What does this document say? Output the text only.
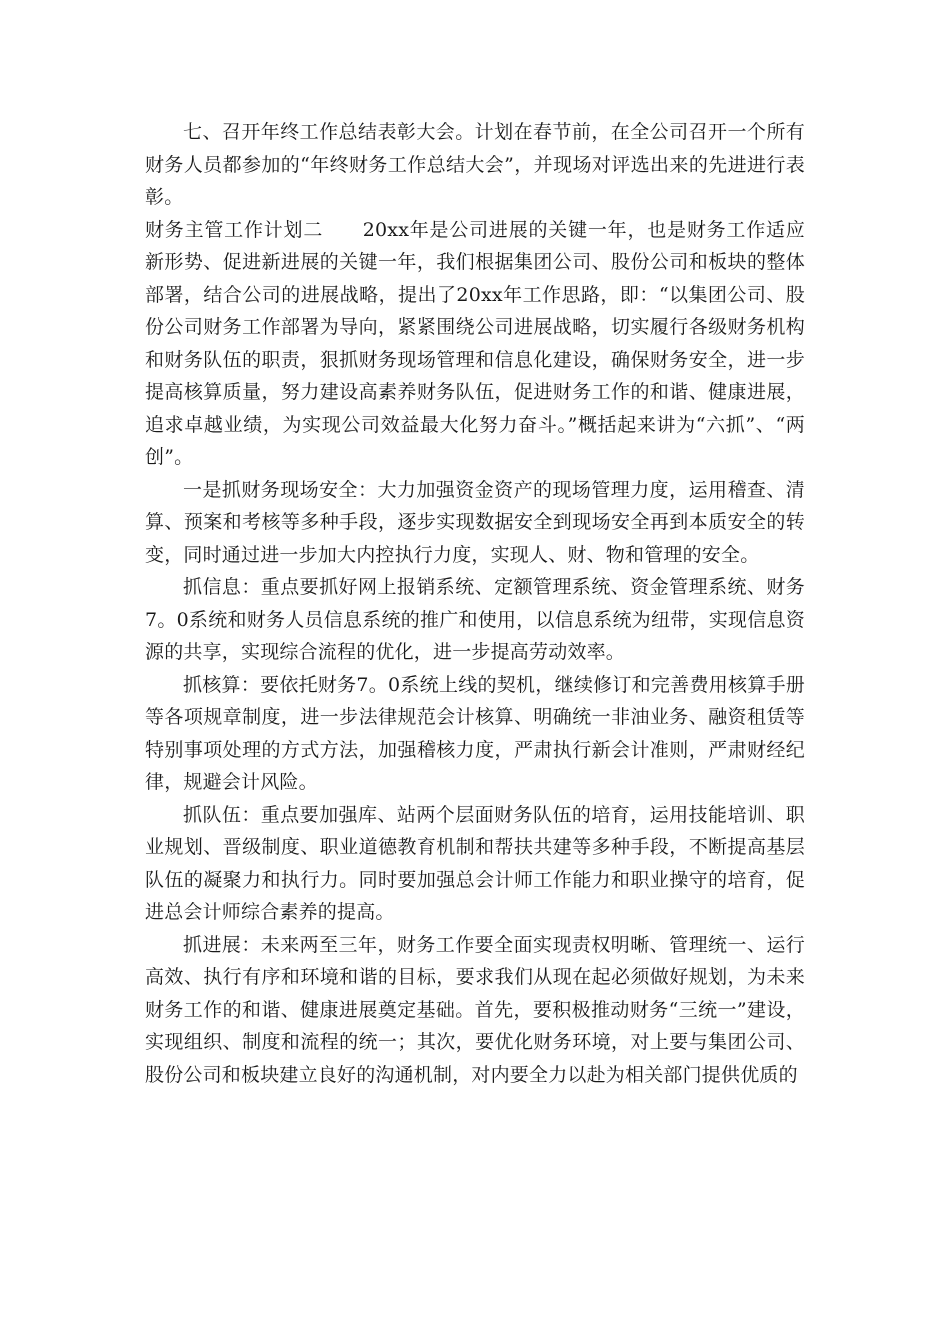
七、召开年终工作总结表彰大会。计划在春节前，在全公司召开一个所有财务人员都参加的“年终财务工作总结大会”，并现场对评选出来的先进进行表彰。

财务主管工作计划二　　20xx年是公司进展的关键一年，也是财务工作适应新形势、促进新进展的关键一年，我们根据集团公司、股份公司和板块的整体部署，结合公司的进展战略，提出了20xx年工作思路，即：“以集团公司、股份公司财务工作部署为导向，紧紧围绕公司进展战略，切实履行各级财务机构和财务队伍的职责，狠抓财务现场管理和信息化建设，确保财务安全，进一步提高核算质量，努力建设高素养财务队伍，促进财务工作的和谐、健康进展，追求卓越业绩，为实现公司效益最大化努力奋斗。”概括起来讲为“六抓”、“两创”。

一是抓财务现场安全：大力加强资金资产的现场管理力度，运用稽查、清算、预案和考核等多种手段，逐步实现数据安全到现场安全再到本质安全的转变，同时通过进一步加大内控执行力度，实现人、财、物和管理的安全。

抓信息：重点要抓好网上报销系统、定额管理系统、资金管理系统、财务7。0系统和财务人员信息系统的推广和使用，以信息系统为纽带，实现信息资源的共享，实现综合流程的优化，进一步提高劳动效率。

抓核算：要依托财务7。0系统上线的契机，继续修订和完善费用核算手册等各项规章制度，进一步法律规范会计核算、明确统一非油业务、融资租赁等特别事项处理的方式方法，加强稽核力度，严肃执行新会计准则，严肃财经纪律，规避会计风险。

抓队伍：重点要加强库、站两个层面财务队伍的培育，运用技能培训、职业规划、晋级制度、职业道德教育机制和帮扶共建等多种手段，不断提高基层队伍的凝聚力和执行力。同时要加强总会计师工作能力和职业操守的培育，促进总会计师综合素养的提高。

抓进展：未来两至三年，财务工作要全面实现责权明晰、管理统一、运行高效、执行有序和环境和谐的目标，要求我们从现在起必须做好规划，为未来财务工作的和谐、健康进展奠定基础。首先，要积极推动财务“三统一”建设，实现组织、制度和流程的统一；其次，要优化财务环境，对上要与集团公司、股份公司和板块建立良好的沟通机制，对内要全力以赴为相关部门提供优质的
